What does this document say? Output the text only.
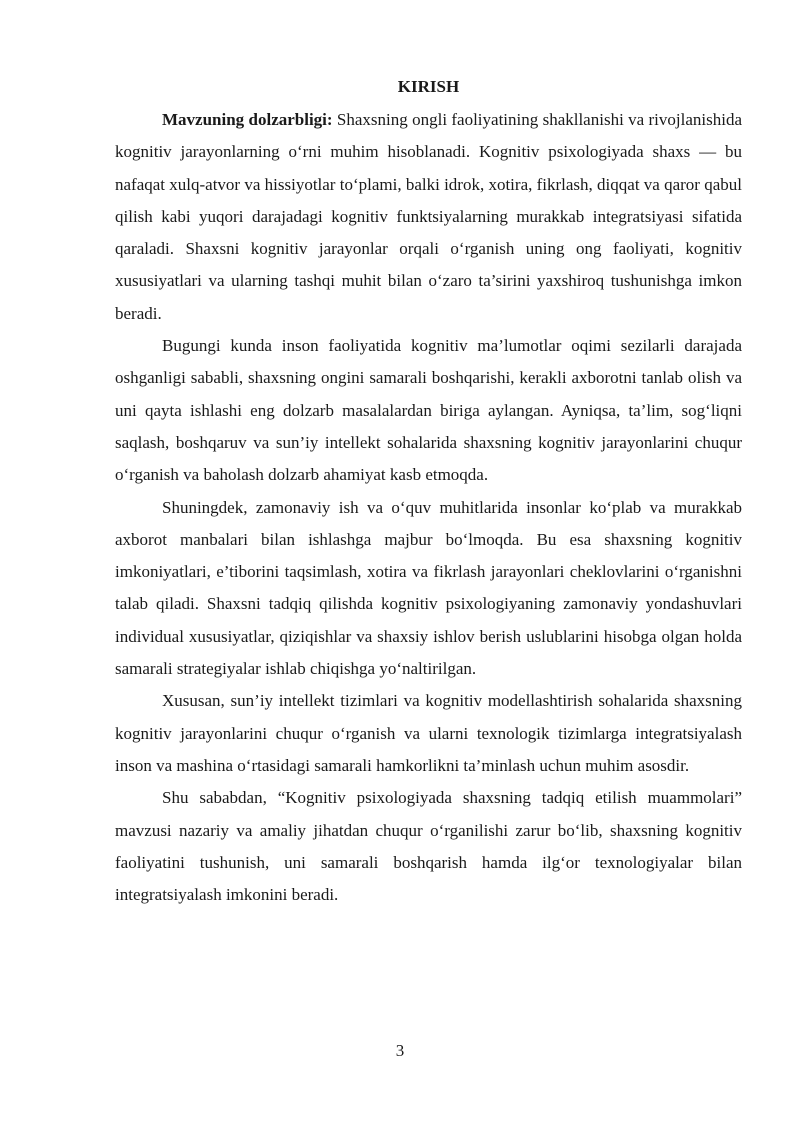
KIRISH

Mavzuning dolzarbligi: Shaxsning ongli faoliyatining shakllanishi va rivojlanishida kognitiv jarayonlarning o‘rni muhim hisoblanadi. Kognitiv psixologiyada shaxs — bu nafaqat xulq-atvor va hissiyotlar to‘plami, balki idrok, xotira, fikrlash, diqqat va qaror qabul qilish kabi yuqori darajadagi kognitiv funktsiyalarning murakkab integratsiyasi sifatida qaraladi. Shaxsni kognitiv jarayonlar orqali o‘rganish uning ong faoliyati, kognitiv xususiyatlari va ularning tashqi muhit bilan o‘zaro ta’sirini yaxshiroq tushunishga imkon beradi.

Bugungi kunda inson faoliyatida kognitiv ma’lumotlar oqimi sezilarli darajada oshganligi sababli, shaxsning ongini samarali boshqarishi, kerakli axborotni tanlab olish va uni qayta ishlashi eng dolzarb masalalardan biriga aylangan. Ayniqsa, ta’lim, sog‘liqni saqlash, boshqaruv va sun’iy intellekt sohalarida shaxsning kognitiv jarayonlarini chuqur o‘rganish va baholash dolzarb ahamiyat kasb etmoqda.

Shuningdek, zamonaviy ish va o‘quv muhitlarida insonlar ko‘plab va murakkab axborot manbalari bilan ishlashga majbur bo‘lmoqda. Bu esa shaxsning kognitiv imkoniyatlari, e’tiborini taqsimlash, xotira va fikrlash jarayonlari cheklovlarini o‘rganishni talab qiladi. Shaxsni tadqiq qilishda kognitiv psixologiyaning zamonaviy yondashuvlari individual xususiyatlar, qiziqishlar va shaxsiy ishlov berish uslublarini hisobga olgan holda samarali strategiyalar ishlab chiqishga yo‘naltirilgan.

Xususan, sun’iy intellekt tizimlari va kognitiv modellashtirish sohalarida shaxsning kognitiv jarayonlarini chuqur o‘rganish va ularni texnologik tizimlarga integratsiyalash inson va mashina o‘rtasidagi samarali hamkorlikni ta’minlash uchun muhim asosdir.

Shu sababdan, “Kognitiv psixologiyada shaxsning tadqiq etilish muammolari” mavzusi nazariy va amaliy jihatdan chuqur o‘rganilishi zarur bo‘lib, shaxsning kognitiv faoliyatini tushunish, uni samarali boshqarish hamda ilg‘or texnologiyalar bilan integratsiyalash imkonini beradi.

3
